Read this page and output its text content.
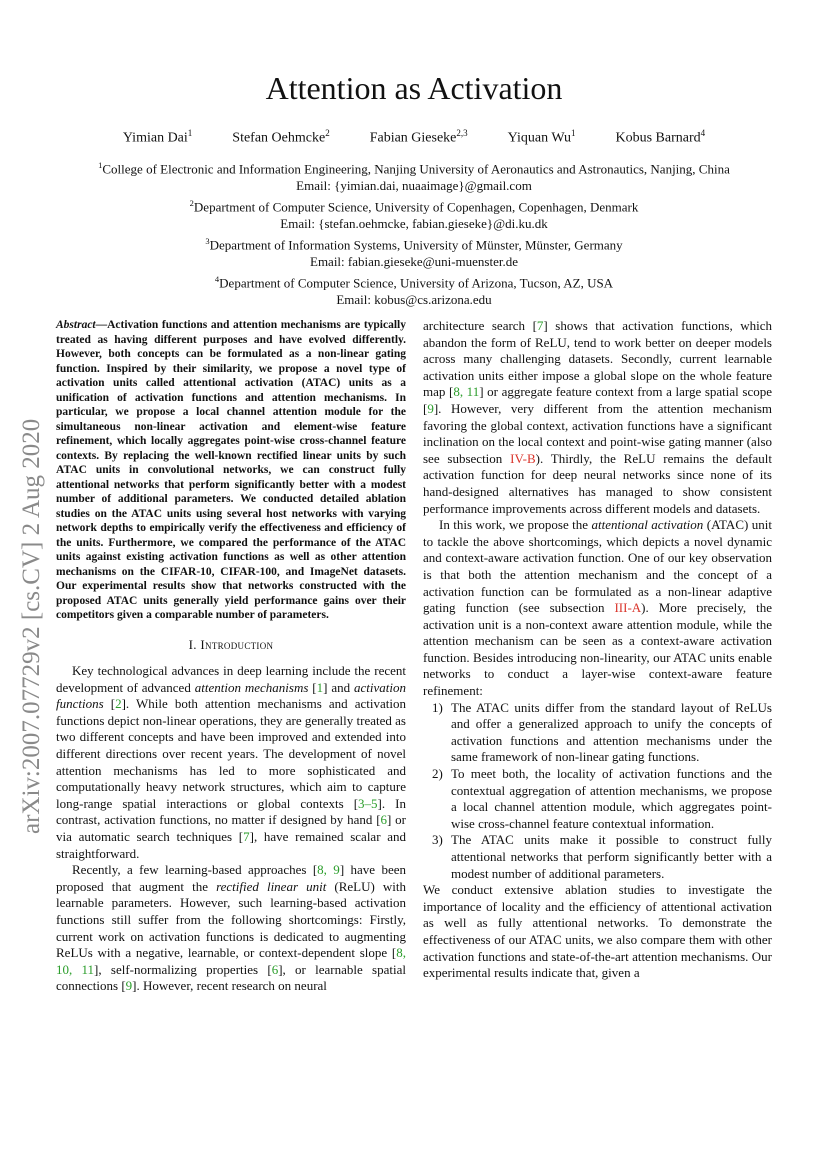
Attention as Activation
Yimian Dai$^1$	Stefan Oehmcke$^2$	Fabian Gieseke$^{2,3}$	Yiquan Wu$^1$	Kobus Barnard$^4$
$^1$College of Electronic and Information Engineering, Nanjing University of Aeronautics and Astronautics, Nanjing, China
Email: {yimian.dai, nuaaimage}@gmail.com
$^2$Department of Computer Science, University of Copenhagen, Copenhagen, Denmark
Email: {stefan.oehmcke, fabian.gieseke}@di.ku.dk
$^3$Department of Information Systems, University of Münster, Münster, Germany
Email: fabian.gieseke@uni-muenster.de
$^4$Department of Computer Science, University of Arizona, Tucson, AZ, USA
Email: kobus@cs.arizona.edu
arXiv:2007.07729v2 [cs.CV] 2 Aug 2020

Abstract—Activation functions and attention mechanisms are typically treated as having different purposes and have evolved differently. However, both concepts can be formulated as a non-linear gating function. Inspired by their similarity, we propose a novel type of activation units called attentional activation (ATAC) units as a unification of activation functions and attention mechanisms. In particular, we propose a local channel attention module for the simultaneous non-linear activation and element-wise feature refinement, which locally aggregates point-wise cross-channel feature contexts. By replacing the well-known rectified linear units by such ATAC units in convolutional networks, we can construct fully attentional networks that perform significantly better with a modest number of additional parameters. We conducted detailed ablation studies on the ATAC units using several host networks with varying network depths to empirically verify the effectiveness and efficiency of the units. Furthermore, we compared the performance of the ATAC units against existing activation functions as well as other attention mechanisms on the CIFAR-10, CIFAR-100, and ImageNet datasets. Our experimental results show that networks constructed with the proposed ATAC units generally yield performance gains over their competitors given a comparable number of parameters.

I. Introduction

Key technological advances in deep learning include the recent development of advanced attention mechanisms [1] and activation functions [2]. While both attention mechanisms and activation functions depict non-linear operations, they are generally treated as two different concepts and have been improved and extended into different directions over recent years. The development of novel attention mechanisms has led to more sophisticated and computationally heavy network structures, which aim to capture long-range spatial interactions or global contexts [3–5]. In contrast, activation functions, no matter if designed by hand [6] or via automatic search techniques [7], have remained scalar and straightforward.

Recently, a few learning-based approaches [8, 9] have been proposed that augment the rectified linear unit (ReLU) with learnable parameters. However, such learning-based activation functions still suffer from the following shortcomings: Firstly, current work on activation functions is dedicated to augmenting ReLUs with a negative, learnable, or context-dependent slope [8, 10, 11], self-normalizing properties [6], or learnable spatial connections [9]. However, recent research on neural

architecture search [7] shows that activation functions, which abandon the form of ReLU, tend to work better on deeper models across many challenging datasets. Secondly, current learnable activation units either impose a global slope on the whole feature map [8, 11] or aggregate feature context from a large spatial scope [9]. However, very different from the attention mechanism favoring the global context, activation functions have a significant inclination on the local context and point-wise gating manner (also see subsection IV-B). Thirdly, the ReLU remains the default activation function for deep neural networks since none of its hand-designed alternatives has managed to show consistent performance improvements across different models and datasets.

In this work, we propose the attentional activation (ATAC) unit to tackle the above shortcomings, which depicts a novel dynamic and context-aware activation function. One of our key observation is that both the attention mechanism and the concept of a activation function can be formulated as a non-linear adaptive gating function (see subsection III-A). More precisely, the activation unit is a non-context aware attention module, while the attention mechanism can be seen as a context-aware activation function. Besides introducing non-linearity, our ATAC units enable networks to conduct a layer-wise context-aware feature refinement:

1) The ATAC units differ from the standard layout of ReLUs and offer a generalized approach to unify the concepts of activation functions and attention mechanisms under the same framework of non-linear gating functions.
2) To meet both, the locality of activation functions and the contextual aggregation of attention mechanisms, we propose a local channel attention module, which aggregates point-wise cross-channel feature contextual information.
3) The ATAC units make it possible to construct fully attentional networks that perform significantly better with a modest number of additional parameters.

We conduct extensive ablation studies to investigate the importance of locality and the efficiency of attentional activation as well as fully attentional networks. To demonstrate the effectiveness of our ATAC units, we also compare them with other activation functions and state-of-the-art attention mechanisms. Our experimental results indicate that, given a
